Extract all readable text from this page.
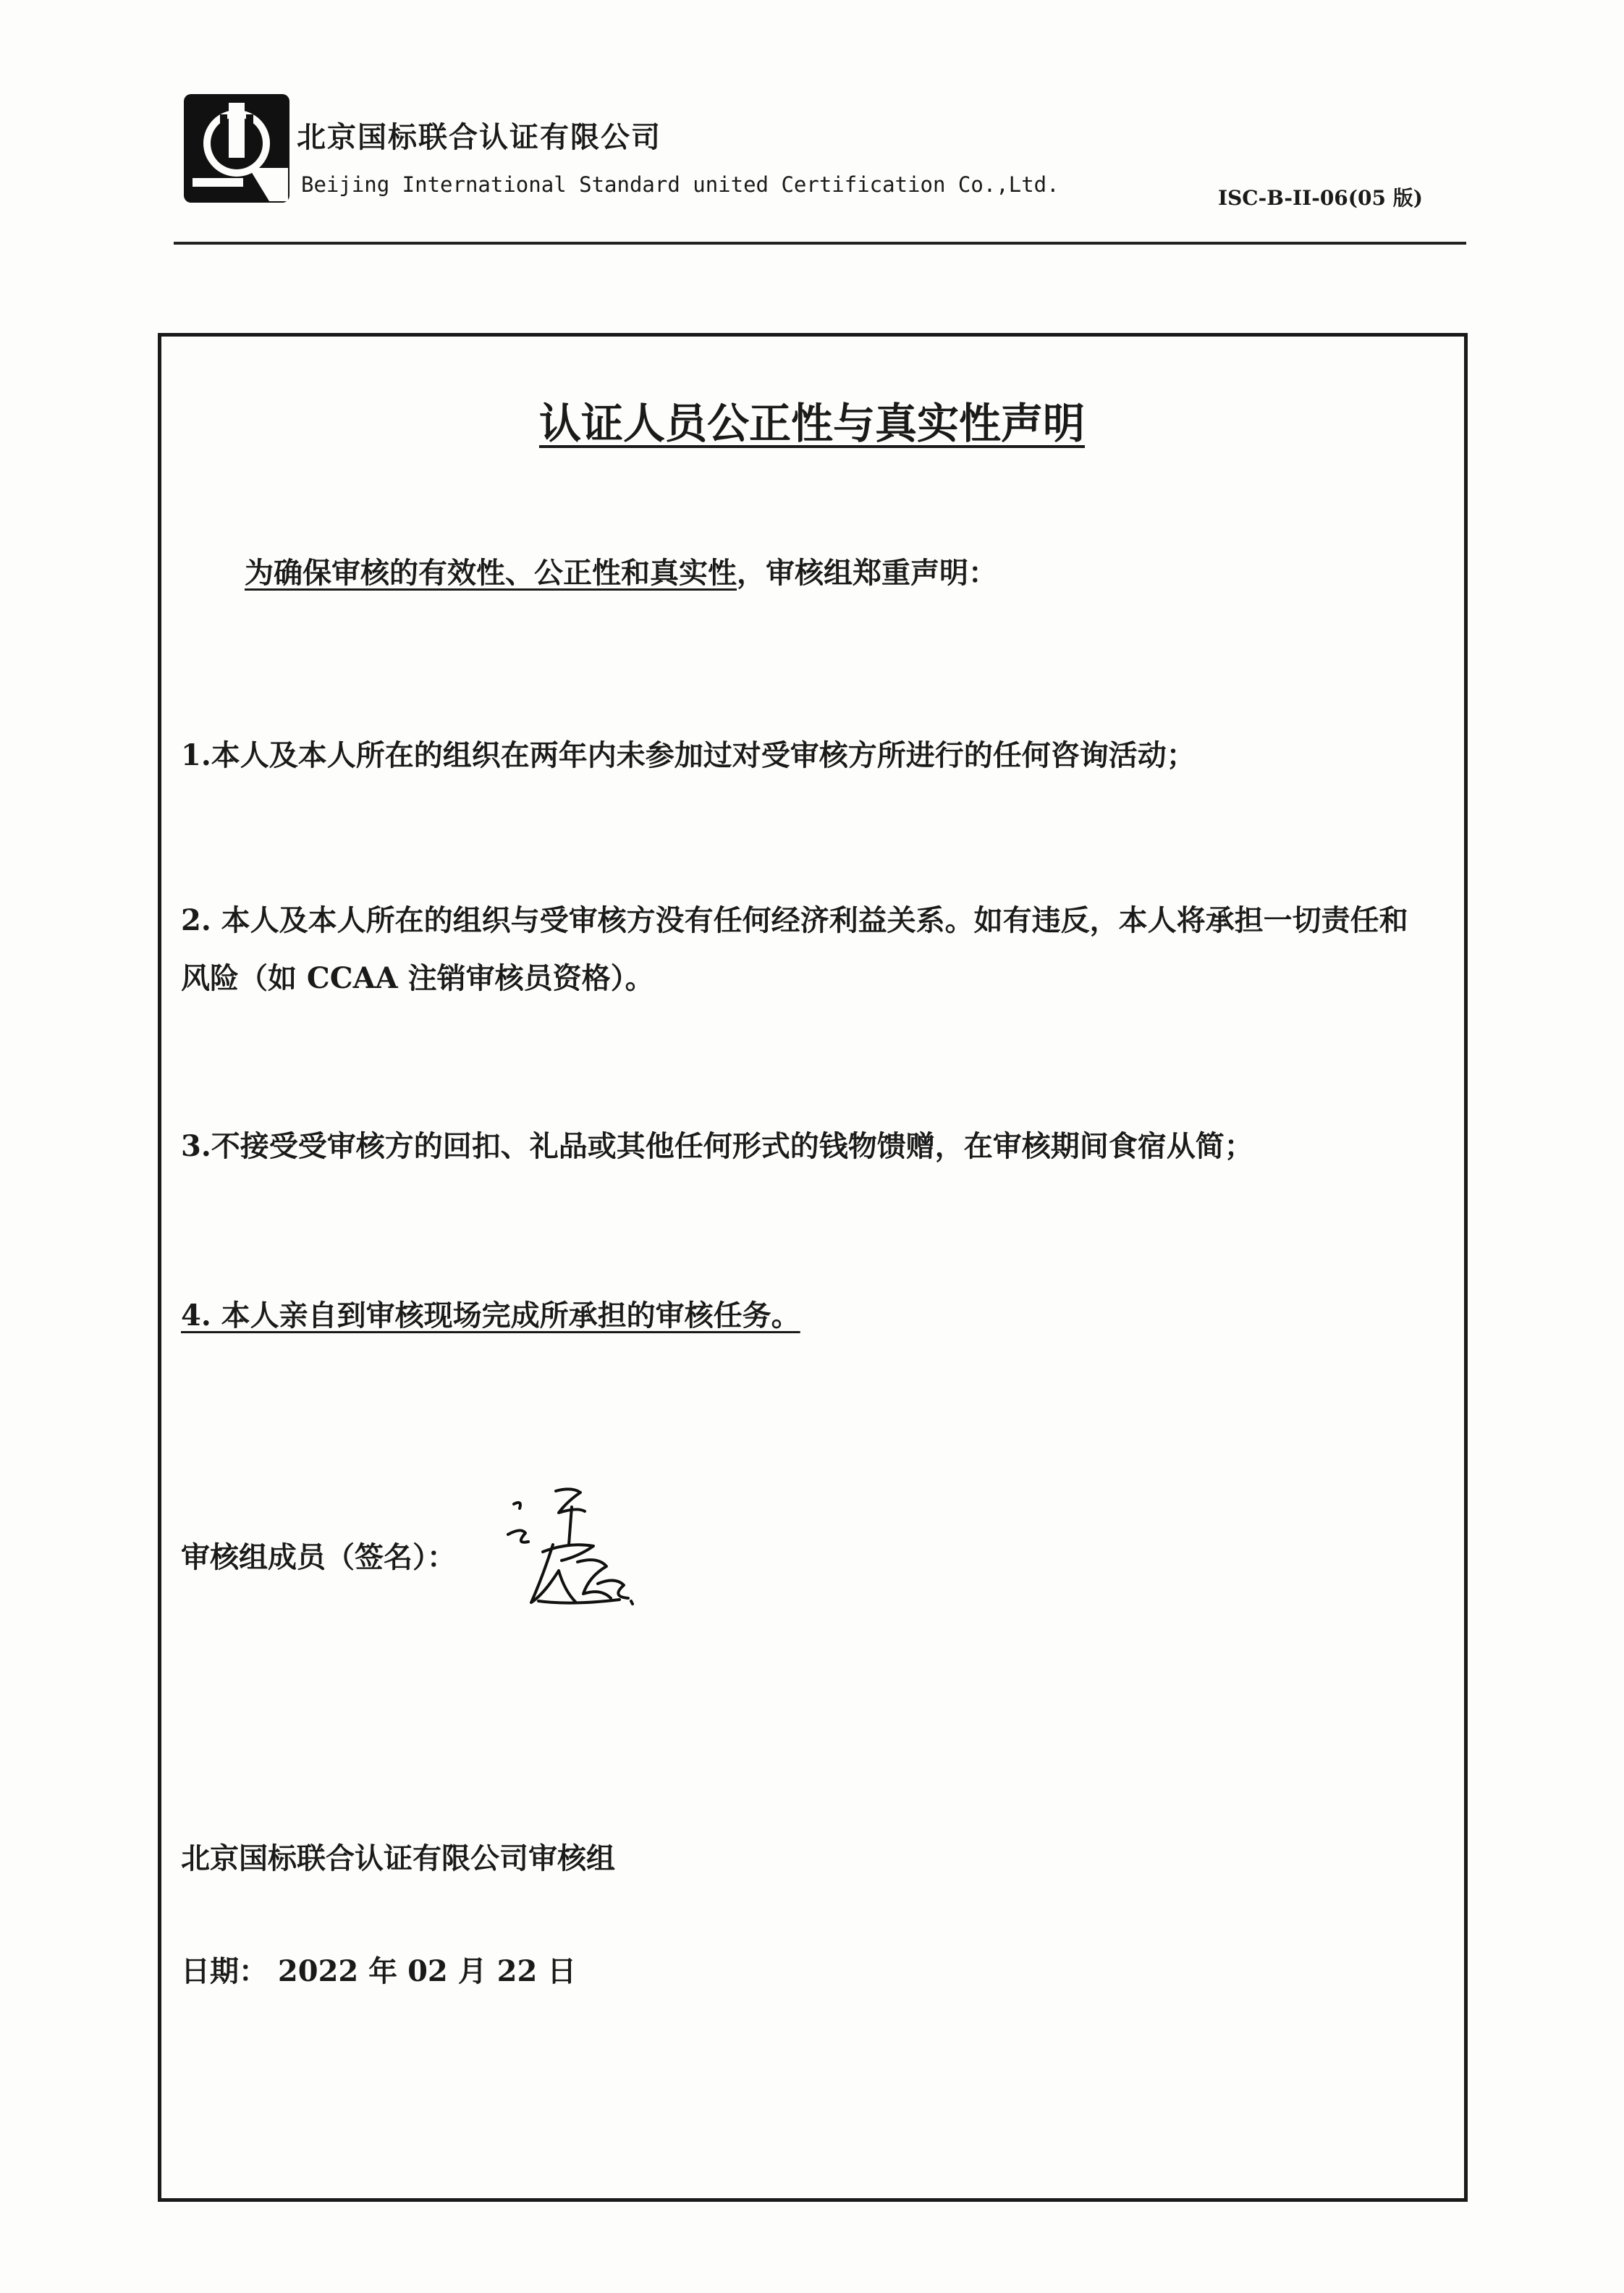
北京国标联合认证有限公司
Beijing International Standard united Certification Co.,Ltd.
ISC-B-II-06(05 版)
认证人员公正性与真实性声明
为确保审核的有效性、公正性和真实性，审核组郑重声明：
1.本人及本人所在的组织在两年内未参加过对受审核方所进行的任何咨询活动；
2. 本人及本人所在的组织与受审核方没有任何经济利益关系。如有违反，本人将承担一切责任和
风险（如 CCAA 注销审核员资格）。
3.不接受受审核方的回扣、礼品或其他任何形式的钱物馈赠，在审核期间食宿从简；
4. 本人亲自到审核现场完成所承担的审核任务。
审核组成员（签名）：
北京国标联合认证有限公司审核组
日期： 2022 年 02 月 22 日
